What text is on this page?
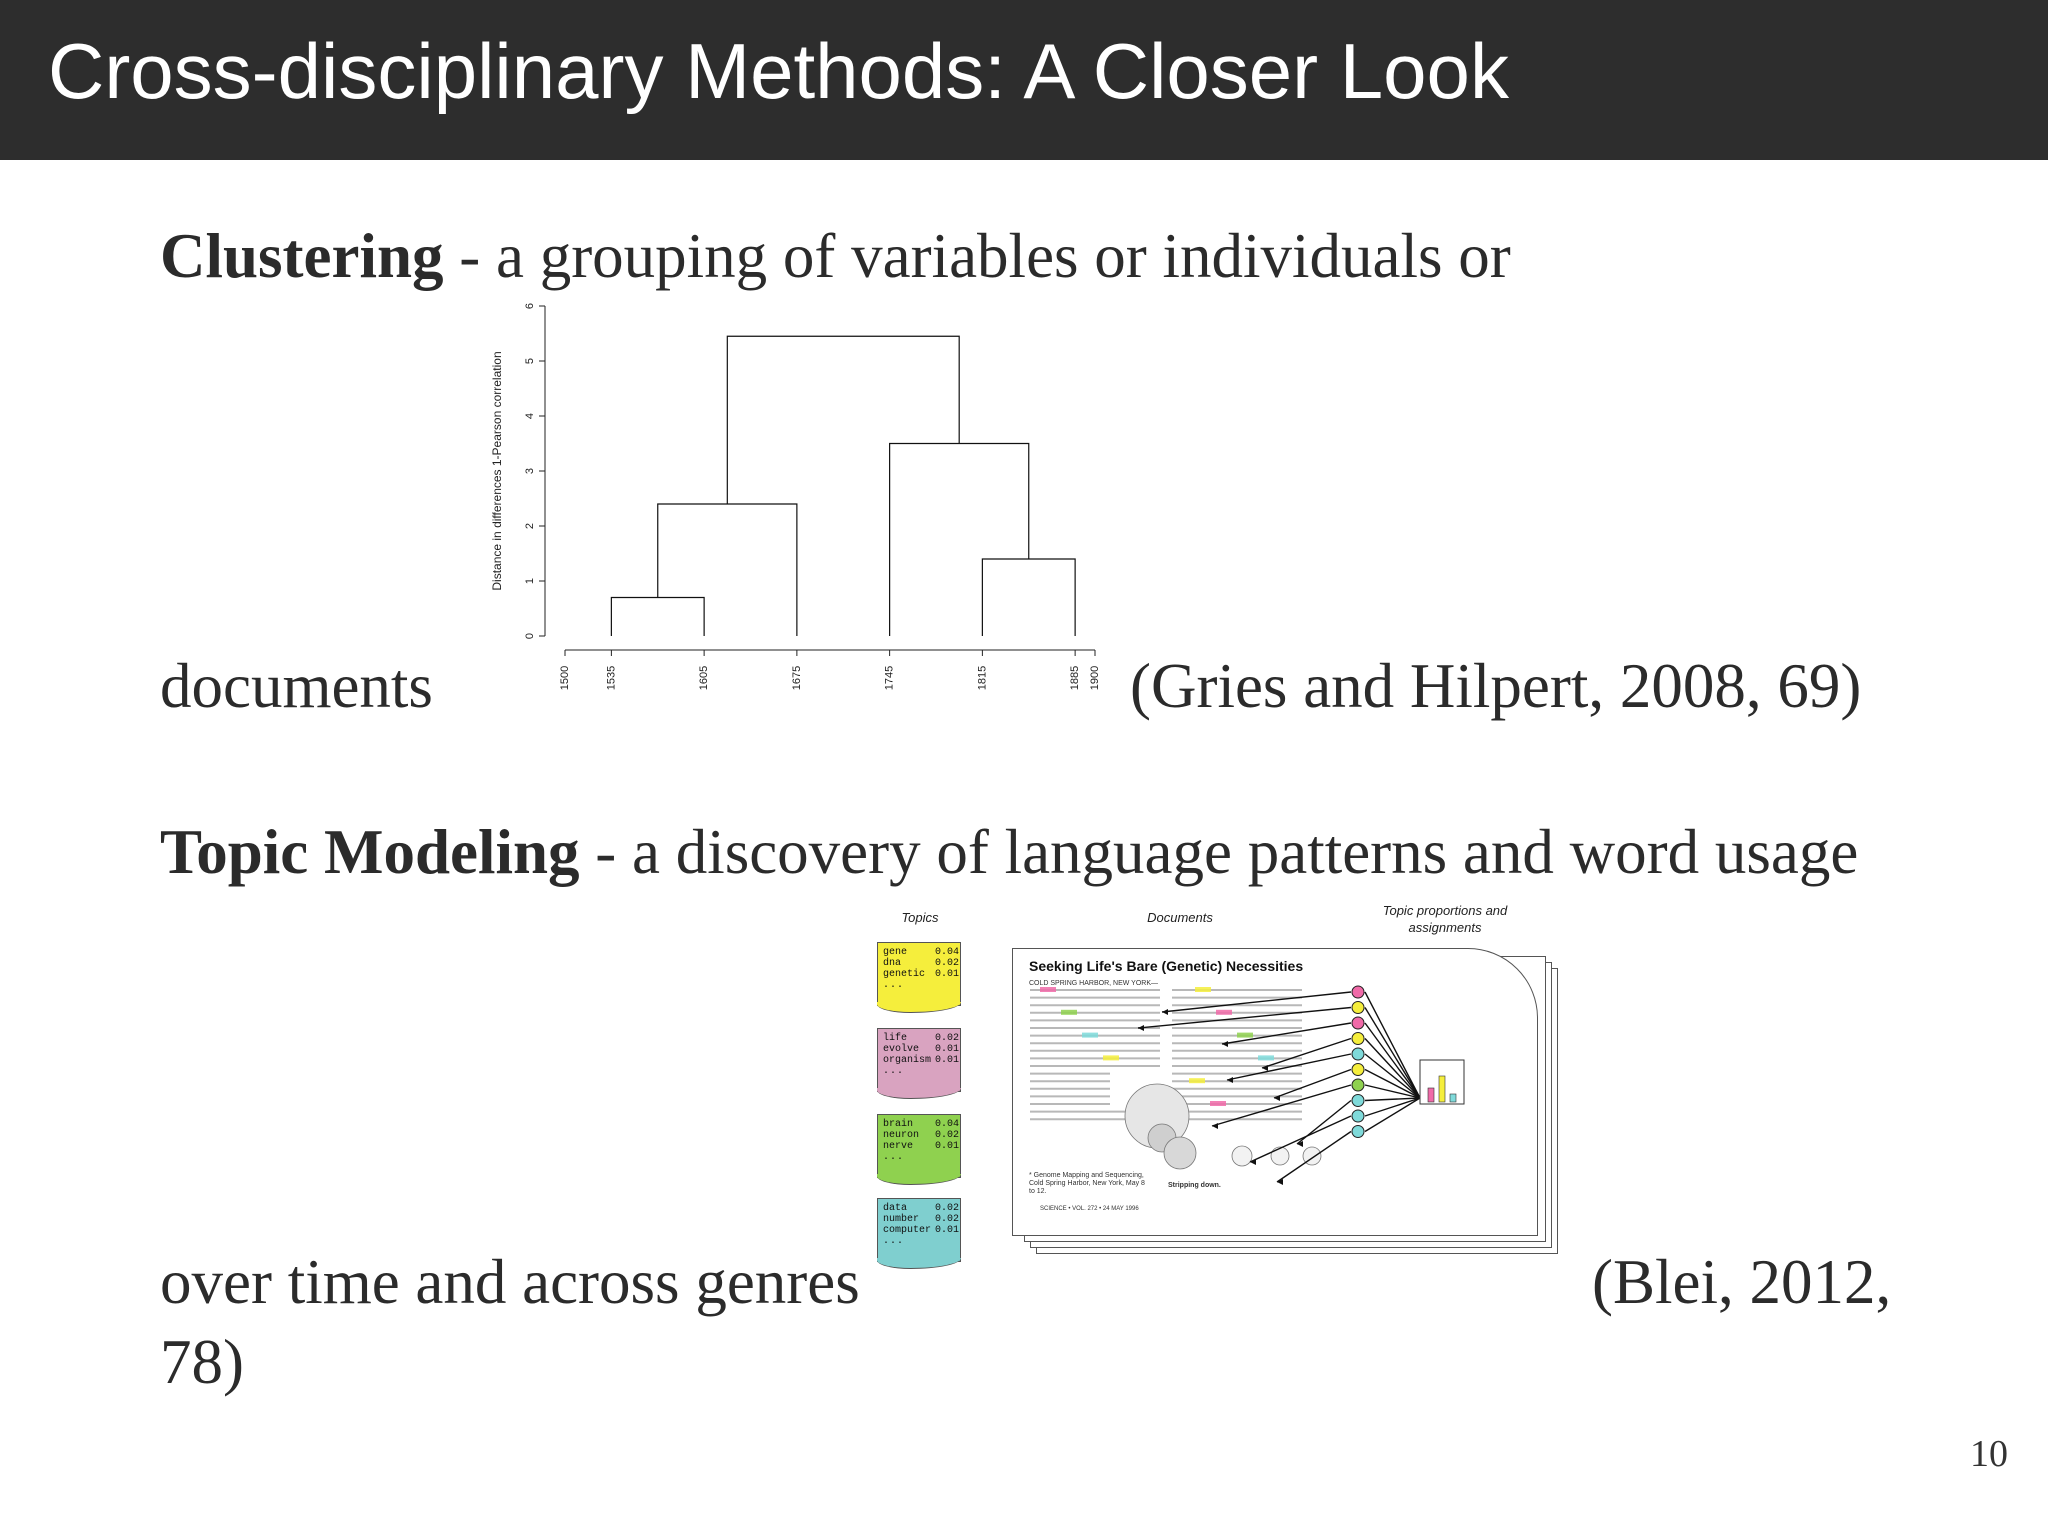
Cross-disciplinary Methods: A Closer Look
Clustering - a grouping of variables or individuals or
documents	(Gries and Hilpert, 2008, 69)
0
1
2
3
4
5
6
Distance in differences 1-Pearson correlation
1500	1535	1605	1675	1745	1815	1885 1900
Topic Modeling - a discovery of language patterns and word usage
over time and across genres	(Blei, 2012,
78)
Topics	Documents	Topic proportions and assignments
gene	0.04
dna	0.02
genetic 0.01
...
life	0.02
evolve 0.01
organism 0.01
...
brain 0.04
neuron 0.02
nerve 0.01
...
data	0.02
number 0.02
computer 0.01
...
Seeking Life's Bare (Genetic) Necessities
COLD SPRING HARBOR, NEW YORK—
Stripping down.
* Genome Mapping and Sequencing, Cold Spring Harbor, New York, May 8 to 12.
SCIENCE • VOL. 272 • 24 MAY 1996
10
